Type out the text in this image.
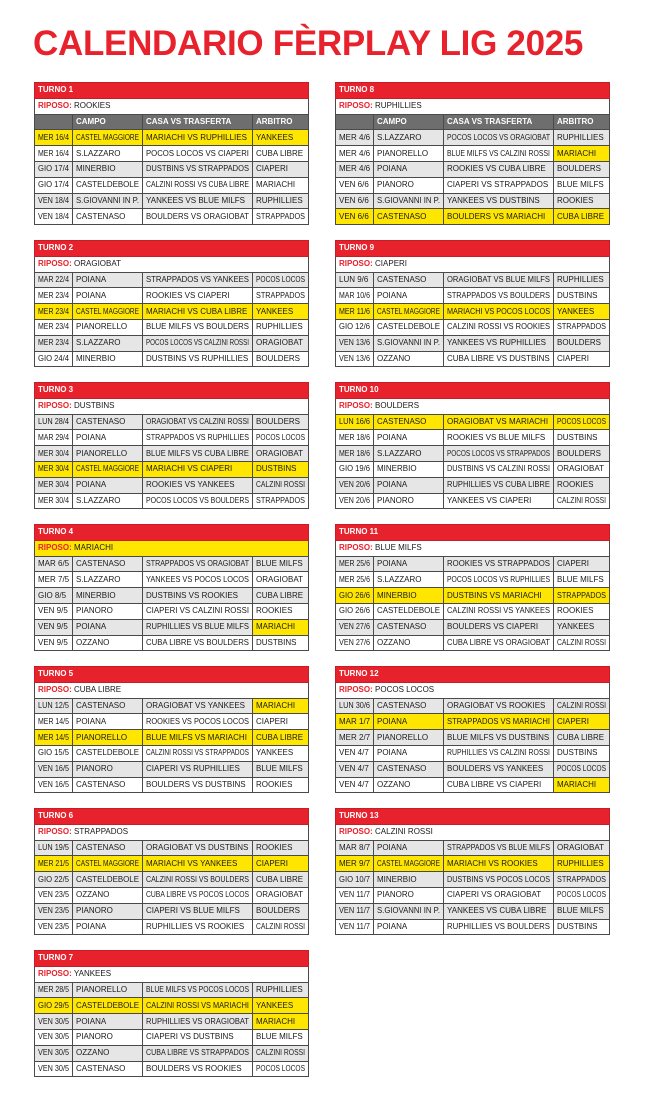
CALENDARIO FÈRPLAY LIG 2025
TURNO 1			
RIPOSO: ROOKIES			
	CAMPO	CASA VS TRASFERTA	ARBITRO
MER 16/4	CASTEL MAGGIORE	MARIACHI VS RUPHILLIES	YANKEES
MER 16/4	S.LAZZARO	POCOS LOCOS VS CIAPERI	CUBA LIBRE
GIO 17/4	MINERBIO	DUSTBINS VS STRAPPADOS	CIAPERI
GIO 17/4	CASTELDEBOLE	CALZINI ROSSI VS CUBA LIBRE	MARIACHI
VEN 18/4	S.GIOVANNI IN P.	YANKEES VS BLUE MILFS	RUPHILLIES
VEN 18/4	CASTENASO	BOULDERS VS ORAGIOBAT	STRAPPADOS
TURNO 2			
RIPOSO: ORAGIOBAT			
MAR 22/4	POIANA	STRAPPADOS VS YANKEES	POCOS LOCOS
MER 23/4	POIANA	ROOKIES VS CIAPERI	STRAPPADOS
MER 23/4	CASTEL MAGGIORE	MARIACHI VS CUBA LIBRE	YANKEES
MER 23/4	PIANORELLO	BLUE MILFS VS BOULDERS	RUPHILLIES
MER 23/4	S.LAZZARO	POCOS LOCOS VS CALZINI ROSSI	ORAGIOBAT
GIO 24/4	MINERBIO	DUSTBINS VS RUPHILLIES	BOULDERS
TURNO 3			
RIPOSO: DUSTBINS			
LUN 28/4	CASTENASO	ORAGIOBAT VS CALZINI ROSSI	BOULDERS
MAR 29/4	POIANA	STRAPPADOS VS RUPHILLIES	POCOS LOCOS
MER 30/4	PIANORELLO	BLUE MILFS VS CUBA LIBRE	ORAGIOBAT
MER 30/4	CASTEL MAGGIORE	MARIACHI VS CIAPERI	DUSTBINS
MER 30/4	POIANA	ROOKIES VS YANKEES	CALZINI ROSSI
MER 30/4	S.LAZZARO	POCOS LOCOS VS BOULDERS	STRAPPADOS
TURNO 4			
RIPOSO: MARIACHI			
MAR 6/5	CASTENASO	STRAPPADOS VS ORAGIOBAT	BLUE MILFS
MER 7/5	S.LAZZARO	YANKEES VS POCOS LOCOS	ORAGIOBAT
GIO 8/5	MINERBIO	DUSTBINS VS ROOKIES	CUBA LIBRE
VEN 9/5	PIANORO	CIAPERI VS CALZINI ROSSI	ROOKIES
VEN 9/5	POIANA	RUPHILLIES VS BLUE MILFS	MARIACHI
VEN 9/5	OZZANO	CUBA LIBRE VS BOULDERS	DUSTBINS
TURNO 5			
RIPOSO: CUBA LIBRE			
LUN 12/5	CASTENASO	ORAGIOBAT VS YANKEES	MARIACHI
MER 14/5	POIANA	ROOKIES VS POCOS LOCOS	CIAPERI
MER 14/5	PIANORELLO	BLUE MILFS VS MARIACHI	CUBA LIBRE
GIO 15/5	CASTELDEBOLE	CALZINI ROSSI VS STRAPPADOS	YANKEES
VEN 16/5	PIANORO	CIAPERI VS RUPHILLIES	BLUE MILFS
VEN 16/5	CASTENASO	BOULDERS VS DUSTBINS	ROOKIES
TURNO 6			
RIPOSO: STRAPPADOS			
LUN 19/5	CASTENASO	ORAGIOBAT VS DUSTBINS	ROOKIES
MER 21/5	CASTEL MAGGIORE	MARIACHI VS YANKEES	CIAPERI
GIO 22/5	CASTELDEBOLE	CALZINI ROSSI VS BOULDERS	CUBA LIBRE
VEN 23/5	OZZANO	CUBA LIBRE VS POCOS LOCOS	ORAGIOBAT
VEN 23/5	PIANORO	CIAPERI VS BLUE MILFS	BOULDERS
VEN 23/5	POIANA	RUPHILLIES VS ROOKIES	CALZINI ROSSI
TURNO 7			
RIPOSO: YANKEES			
MER 28/5	PIANORELLO	BLUE MILFS VS POCOS LOCOS	RUPHILLIES
GIO 29/5	CASTELDEBOLE	CALZINI ROSSI VS MARIACHI	YANKEES
VEN 30/5	POIANA	RUPHILLIES VS ORAGIOBAT	MARIACHI
VEN 30/5	PIANORO	CIAPERI VS DUSTBINS	BLUE MILFS
VEN 30/5	OZZANO	CUBA LIBRE VS STRAPPADOS	CALZINI ROSSI
VEN 30/5	CASTENASO	BOULDERS VS ROOKIES	POCOS LOCOS
TURNO 8			
RIPOSO: RUPHILLIES			
	CAMPO	CASA VS TRASFERTA	ARBITRO
MER 4/6	S.LAZZARO	POCOS LOCOS VS ORAGIOBAT	RUPHILLIES
MER 4/6	PIANORELLO	BLUE MILFS VS CALZINI ROSSI	MARIACHI
MER 4/6	POIANA	ROOKIES VS CUBA LIBRE	BOULDERS
VEN 6/6	PIANORO	CIAPERI VS STRAPPADOS	BLUE MILFS
VEN 6/6	S.GIOVANNI IN P.	YANKEES VS DUSTBINS	ROOKIES
VEN 6/6	CASTENASO	BOULDERS VS MARIACHI	CUBA LIBRE
TURNO 9			
RIPOSO: CIAPERI			
LUN 9/6	CASTENASO	ORAGIOBAT VS BLUE MILFS	RUPHILLIES
MAR 10/6	POIANA	STRAPPADOS VS BOULDERS	DUSTBINS
MER 11/6	CASTEL MAGGIORE	MARIACHI VS POCOS LOCOS	YANKEES
GIO 12/6	CASTELDEBOLE	CALZINI ROSSI VS ROOKIES	STRAPPADOS
VEN 13/6	S.GIOVANNI IN P.	YANKEES VS RUPHILLIES	BOULDERS
VEN 13/6	OZZANO	CUBA LIBRE VS DUSTBINS	CIAPERI
TURNO 10			
RIPOSO: BOULDERS			
LUN 16/6	CASTENASO	ORAGIOBAT VS MARIACHI	POCOS LOCOS
MER 18/6	POIANA	ROOKIES VS BLUE MILFS	DUSTBINS
MER 18/6	S.LAZZARO	POCOS LOCOS VS STRAPPADOS	BOULDERS
GIO 19/6	MINERBIO	DUSTBINS VS CALZINI ROSSI	ORAGIOBAT
VEN 20/6	POIANA	RUPHILLIES VS CUBA LIBRE	ROOKIES
VEN 20/6	PIANORO	YANKEES VS CIAPERI	CALZINI ROSSI
TURNO 11			
RIPOSO: BLUE MILFS			
MER 25/6	POIANA	ROOKIES VS STRAPPADOS	CIAPERI
MER 25/6	S.LAZZARO	POCOS LOCOS VS RUPHILLIES	BLUE MILFS
GIO 26/6	MINERBIO	DUSTBINS VS MARIACHI	STRAPPADOS
GIO 26/6	CASTELDEBOLE	CALZINI ROSSI VS YANKEES	ROOKIES
VEN 27/6	CASTENASO	BOULDERS VS CIAPERI	YANKEES
VEN 27/6	OZZANO	CUBA LIBRE VS ORAGIOBAT	CALZINI ROSSI
TURNO 12			
RIPOSO: POCOS LOCOS			
LUN 30/6	CASTENASO	ORAGIOBAT VS ROOKIES	CALZINI ROSSI
MAR 1/7	POIANA	STRAPPADOS VS MARIACHI	CIAPERI
MER 2/7	PIANORELLO	BLUE MILFS VS DUSTBINS	CUBA LIBRE
VEN 4/7	POIANA	RUPHILLIES VS CALZINI ROSSI	DUSTBINS
VEN 4/7	CASTENASO	BOULDERS VS YANKEES	POCOS LOCOS
VEN 4/7	OZZANO	CUBA LIBRE VS CIAPERI	MARIACHI
TURNO 13			
RIPOSO: CALZINI ROSSI			
MAR 8/7	POIANA	STRAPPADOS VS BLUE MILFS	ORAGIOBAT
MER 9/7	CASTEL MAGGIORE	MARIACHI VS ROOKIES	RUPHILLIES
GIO 10/7	MINERBIO	DUSTBINS VS POCOS LOCOS	STRAPPADOS
VEN 11/7	PIANORO	CIAPERI VS ORAGIOBAT	POCOS LOCOS
VEN 11/7	S.GIOVANNI IN P.	YANKEES VS CUBA LIBRE	BLUE MILFS
VEN 11/7	POIANA	RUPHILLIES VS BOULDERS	DUSTBINS
